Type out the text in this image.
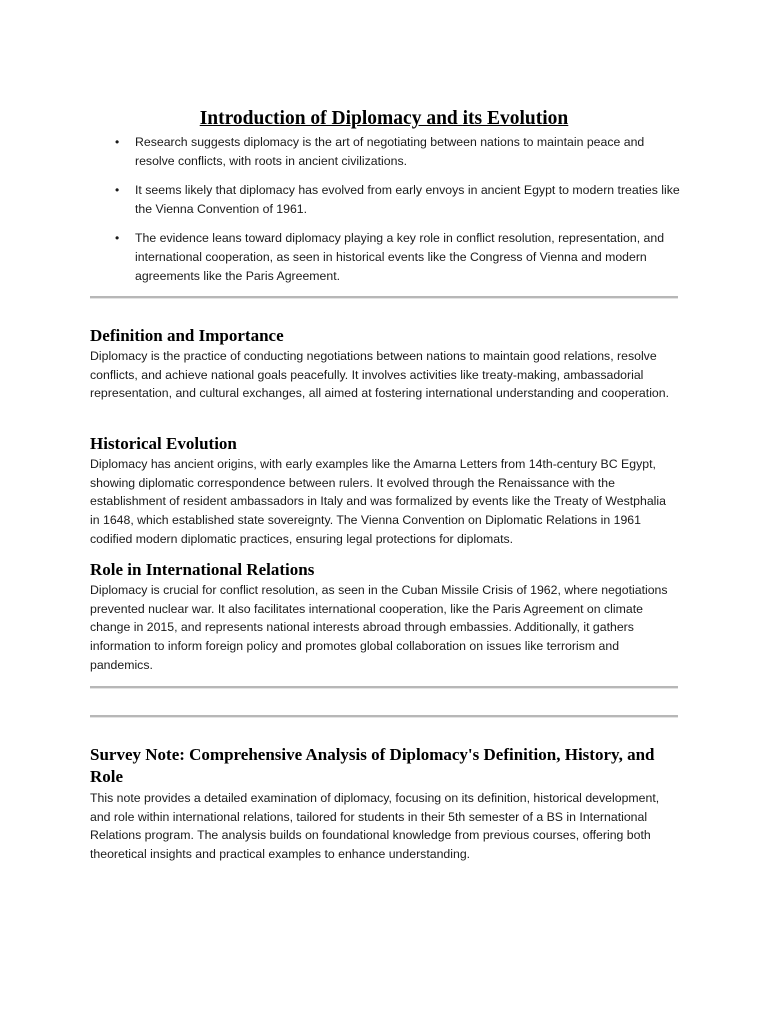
Introduction of Diplomacy and its Evolution
• Research suggests diplomacy is the art of negotiating between nations to maintain peace and resolve conflicts, with roots in ancient civilizations.
• It seems likely that diplomacy has evolved from early envoys in ancient Egypt to modern treaties like the Vienna Convention of 1961.
• The evidence leans toward diplomacy playing a key role in conflict resolution, representation, and international cooperation, as seen in historical events like the Congress of Vienna and modern agreements like the Paris Agreement.
Definition and Importance

Diplomacy is the practice of conducting negotiations between nations to maintain good relations, resolve conflicts, and achieve national goals peacefully. It involves activities like treaty-making, ambassadorial representation, and cultural exchanges, all aimed at fostering international understanding and cooperation.

Historical Evolution

Diplomacy has ancient origins, with early examples like the Amarna Letters from 14th-century BC Egypt, showing diplomatic correspondence between rulers. It evolved through the Renaissance with the establishment of resident ambassadors in Italy and was formalized by events like the Treaty of Westphalia in 1648, which established state sovereignty. The Vienna Convention on Diplomatic Relations in 1961 codified modern diplomatic practices, ensuring legal protections for diplomats.

Role in International Relations

Diplomacy is crucial for conflict resolution, as seen in the Cuban Missile Crisis of 1962, where negotiations prevented nuclear war. It also facilitates international cooperation, like the Paris Agreement on climate change in 2015, and represents national interests abroad through embassies. Additionally, it gathers information to inform foreign policy and promotes global collaboration on issues like terrorism and pandemics.

Survey Note: Comprehensive Analysis of Diplomacy's Definition, History, and Role

This note provides a detailed examination of diplomacy, focusing on its definition, historical development, and role within international relations, tailored for students in their 5th semester of a BS in International Relations program. The analysis builds on foundational knowledge from previous courses, offering both theoretical insights and practical examples to enhance understanding.
